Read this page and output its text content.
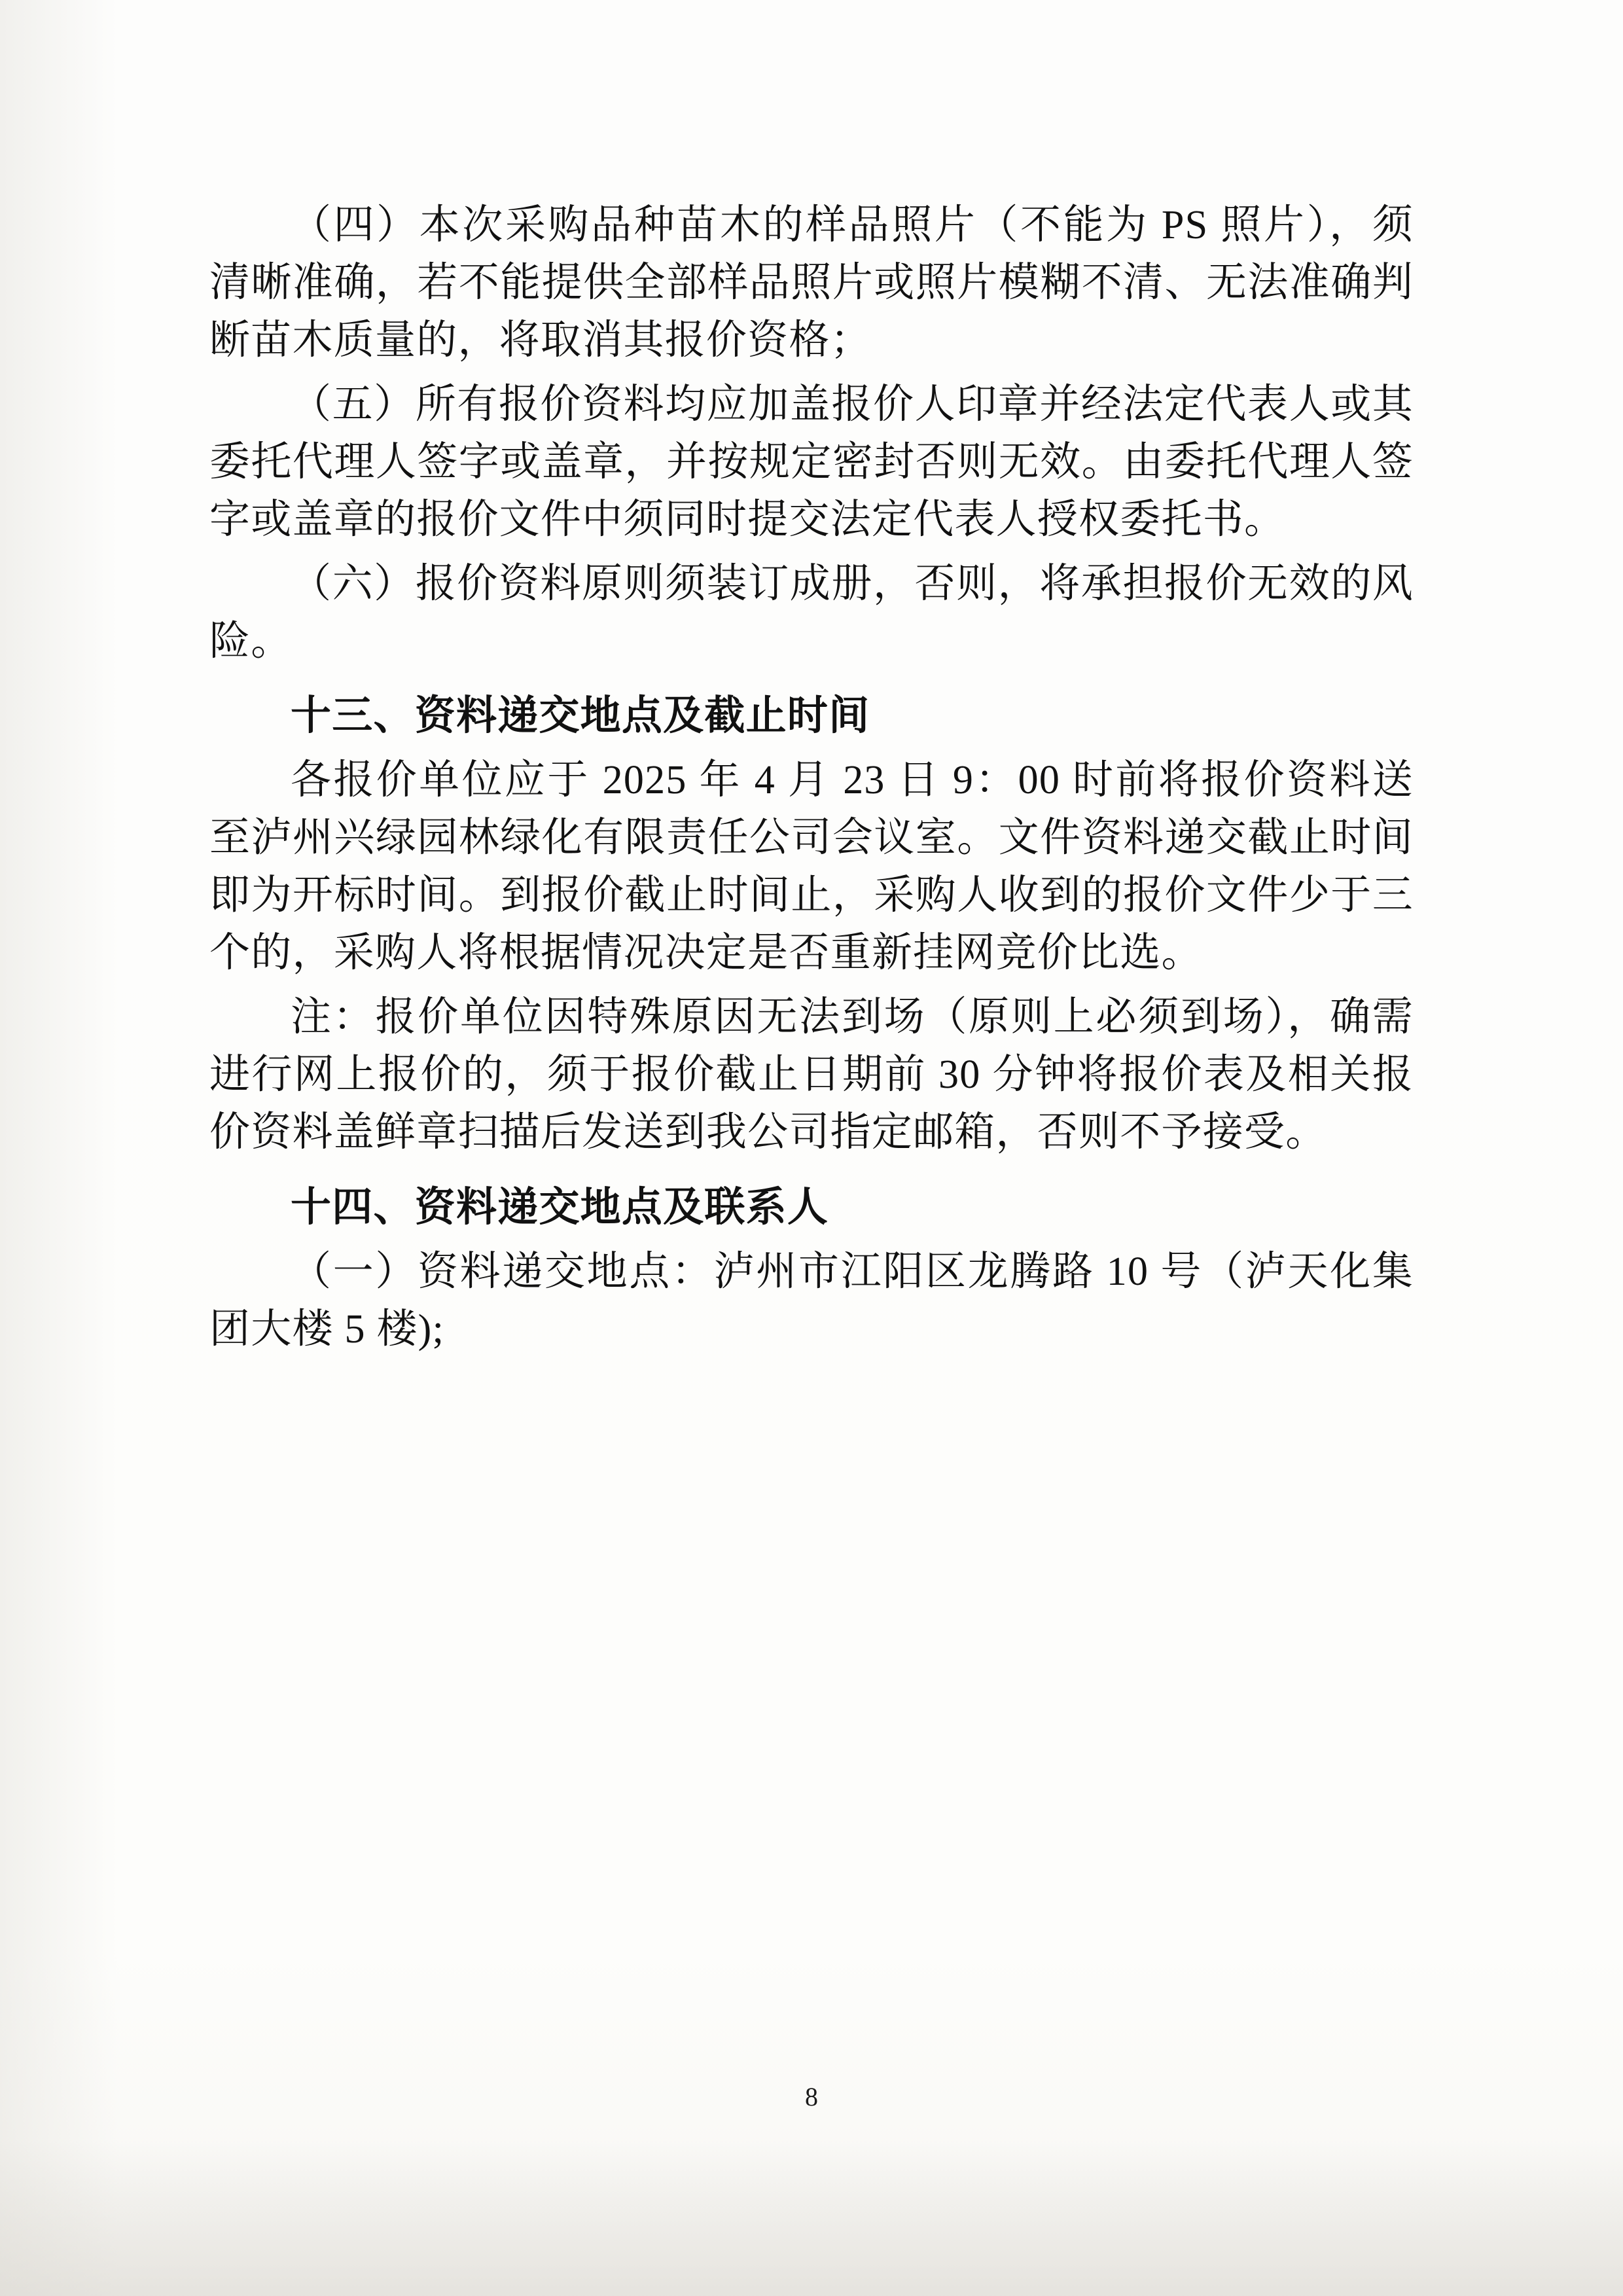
（四）本次采购品种苗木的样品照片（不能为 PS 照片），须清晰准确，若不能提供全部样品照片或照片模糊不清、无法准确判断苗木质量的，将取消其报价资格；

（五）所有报价资料均应加盖报价人印章并经法定代表人或其委托代理人签字或盖章，并按规定密封否则无效。由委托代理人签字或盖章的报价文件中须同时提交法定代表人授权委托书。

（六）报价资料原则须装订成册，否则，将承担报价无效的风险。

十三、资料递交地点及截止时间

各报价单位应于 2025 年 4 月 23 日 9：00 时前将报价资料送至泸州兴绿园林绿化有限责任公司会议室。文件资料递交截止时间即为开标时间。到报价截止时间止，采购人收到的报价文件少于三个的，采购人将根据情况决定是否重新挂网竞价比选。

注：报价单位因特殊原因无法到场（原则上必须到场），确需进行网上报价的，须于报价截止日期前 30 分钟将报价表及相关报价资料盖鲜章扫描后发送到我公司指定邮箱，否则不予接受。

十四、资料递交地点及联系人

（一）资料递交地点：泸州市江阳区龙腾路 10 号（泸天化集团大楼 5 楼);

8
